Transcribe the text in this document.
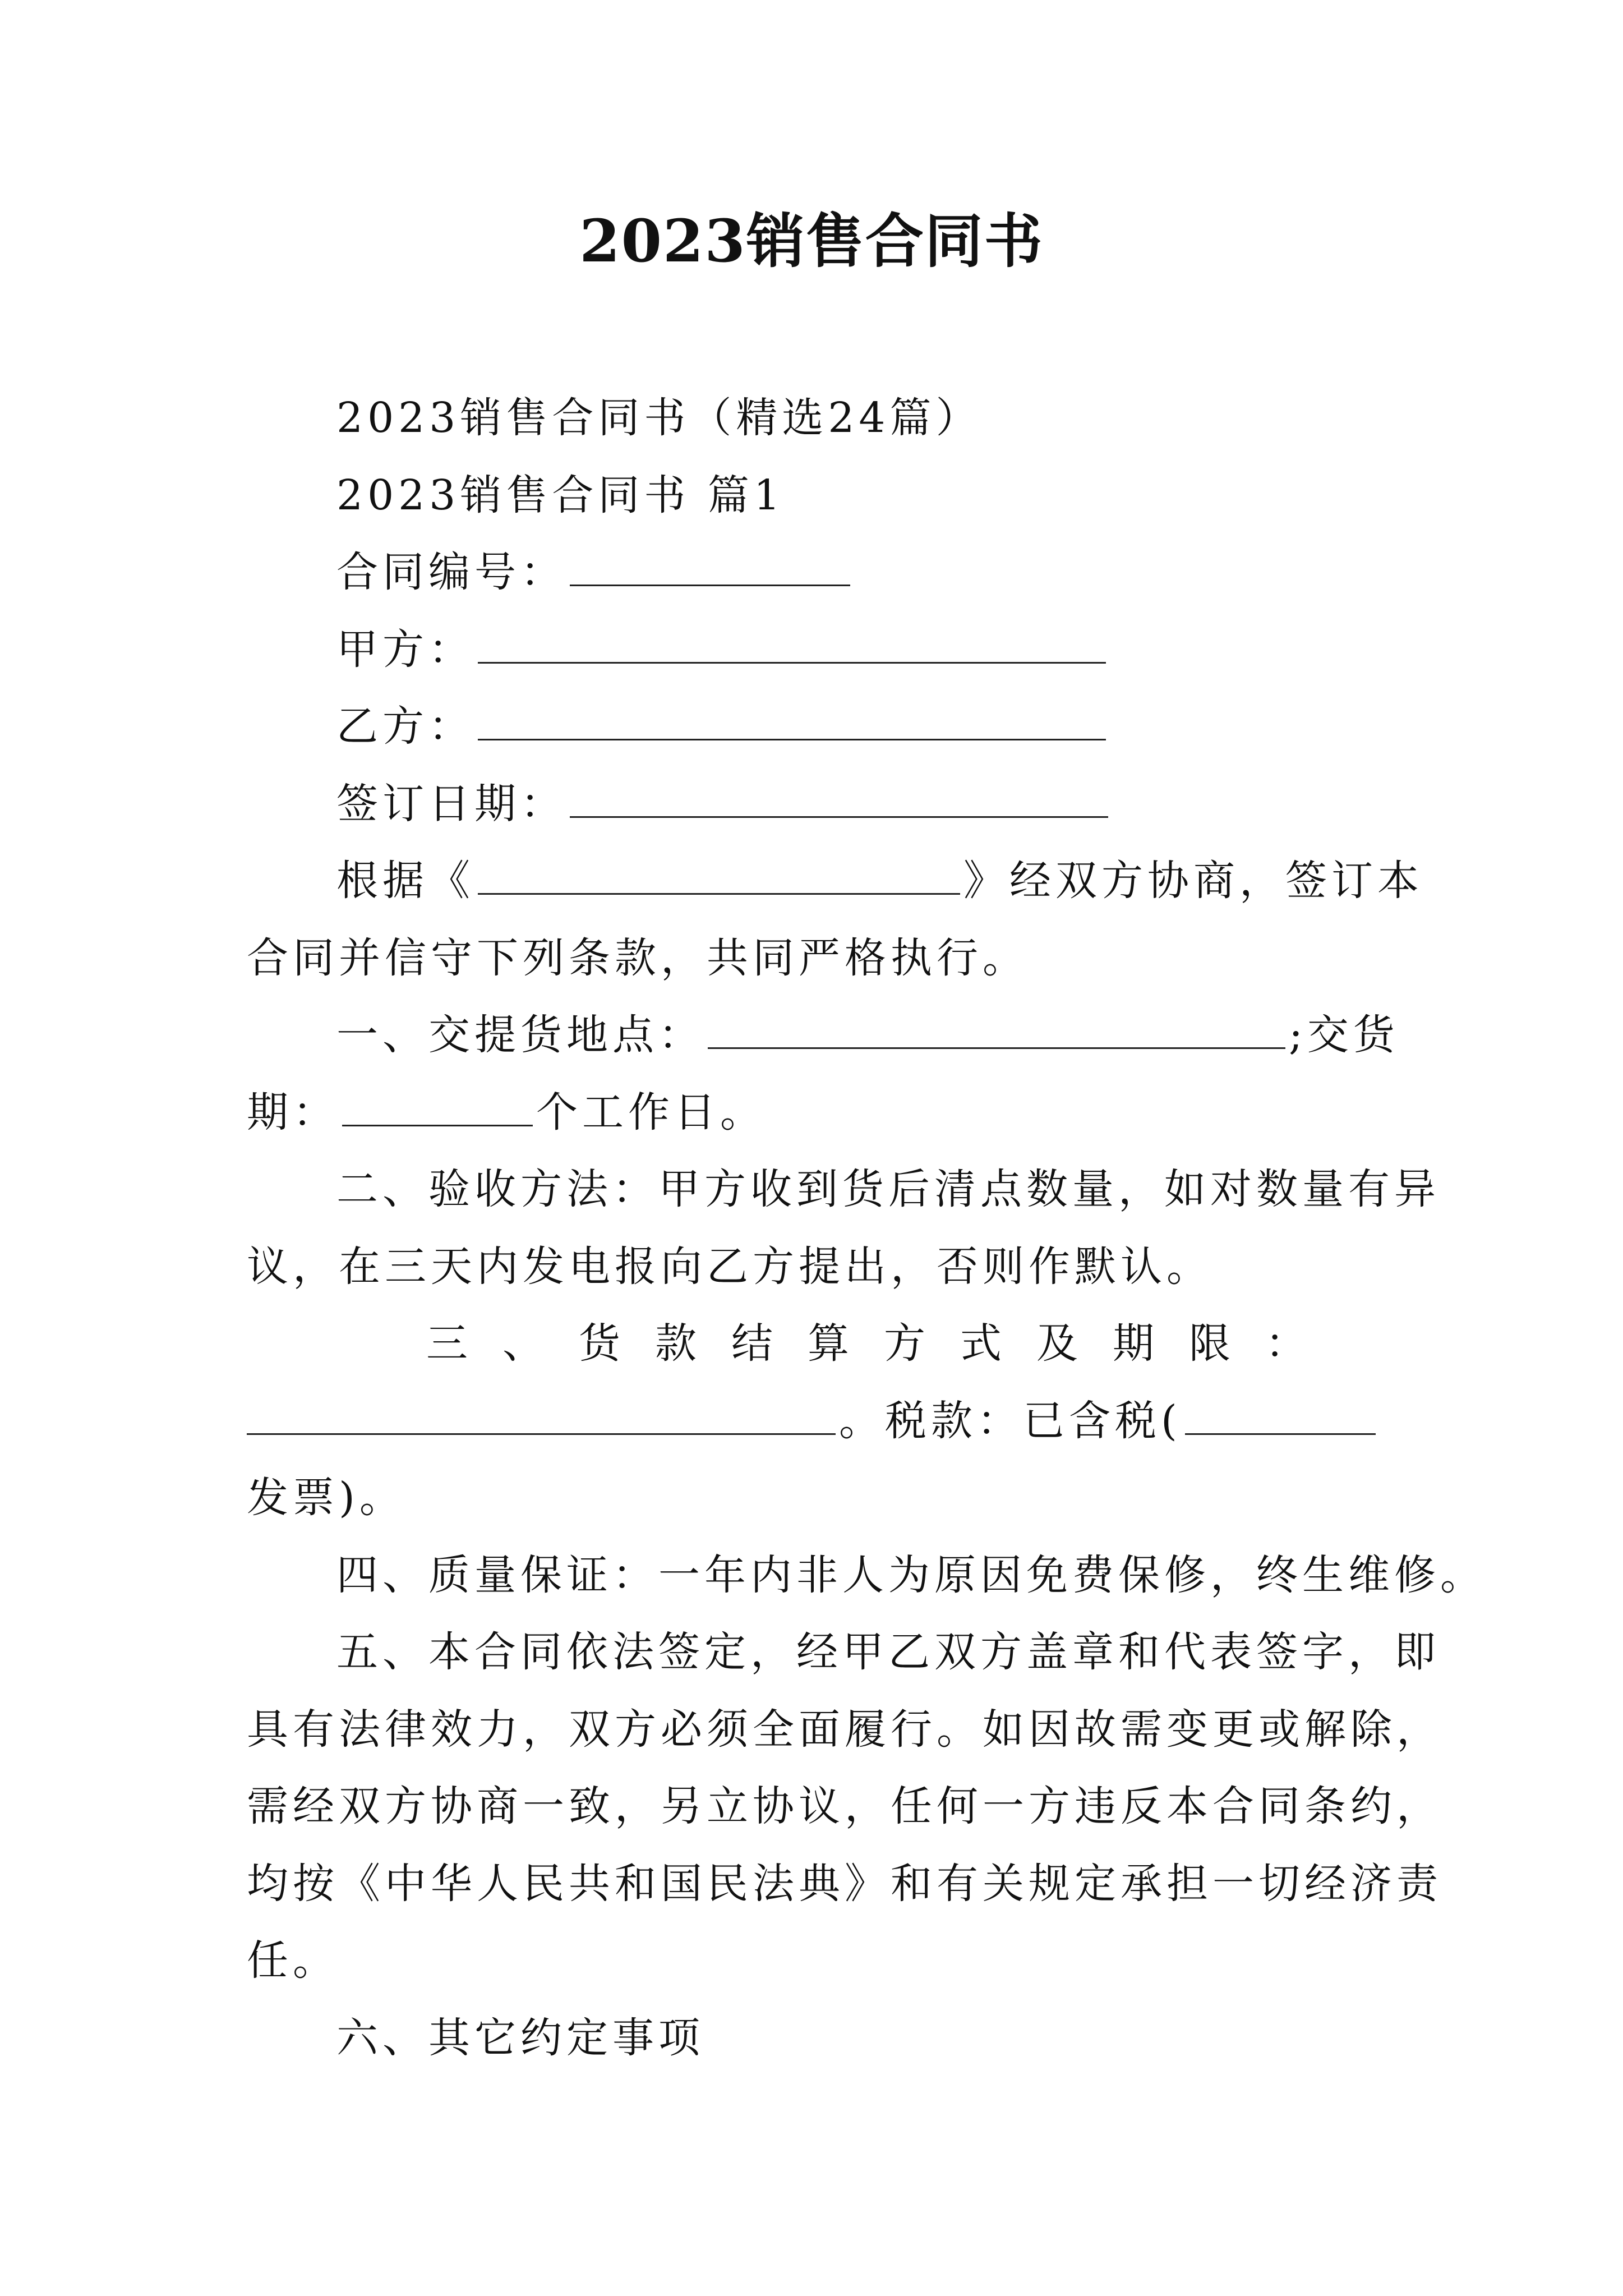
2023销售合同书
2023销售合同书（精选24篇）
2023销售合同书 篇1
合同编号：
甲方：
乙方：
签订日期：
根据《	》经双方协商，签订本
合同并信守下列条款，共同严格执行。
一、交提货地点：	;交货
期：	个工作日。
二、验收方法：甲方收到货后清点数量，如对数量有异
议，在三天内发电报向乙方提出，否则作默认。
三、货款结算方式及期限：
。税款：已含税(
发票)。
四、质量保证：一年内非人为原因免费保修，终生维修。
五、本合同依法签定，经甲乙双方盖章和代表签字，即
具有法律效力，双方必须全面履行。如因故需变更或解除，
需经双方协商一致，另立协议，任何一方违反本合同条约，
均按《中华人民共和国民法典》和有关规定承担一切经济责
任。
六、其它约定事项
